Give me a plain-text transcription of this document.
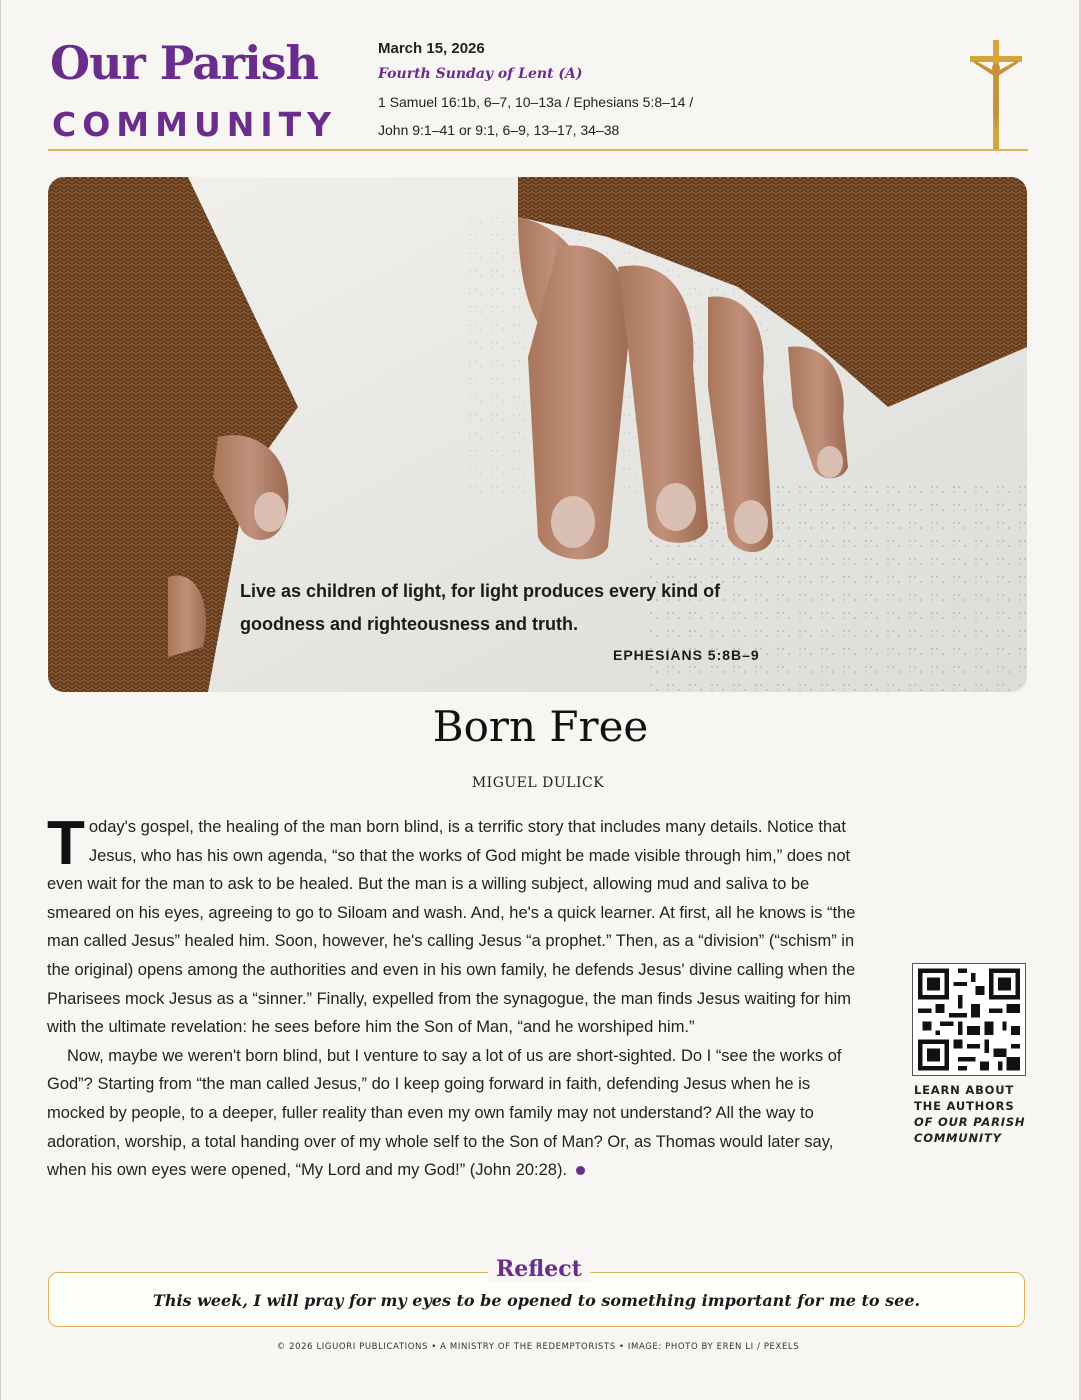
Our Parish
COMMUNITY
March 15, 2026
Fourth Sunday of Lent (A)
1 Samuel 16:1b, 6–7, 10–13a / Ephesians 5:8–14 /
John 9:1–41 or 9:1, 6–9, 13–17, 34–38
Live as children of light, for light produces every kind of goodness and righteousness and truth.
EPHESIANS 5:8B–9
Born Free
MIGUEL DULICK

Today's gospel, the healing of the man born blind, is a terrific story that includes many details. Notice that Jesus, who has his own agenda, “so that the works of God might be made visible through him,” does not even wait for the man to ask to be healed. But the man is a willing subject, allowing mud and saliva to be smeared on his eyes, agreeing to go to Siloam and wash. And, he's a quick learner. At first, all he knows is “the man called Jesus” healed him. Soon, however, he's calling Jesus “a prophet.” Then, as a “division” (“schism” in the original) opens among the authorities and even in his own family, he defends Jesus' divine calling when the Pharisees mock Jesus as a “sinner.” Finally, expelled from the synagogue, the man finds Jesus waiting for him with the ultimate revelation: he sees before him the Son of Man, “and he worshiped him.”

Now, maybe we weren't born blind, but I venture to say a lot of us are short-sighted. Do I “see the works of God”? Starting from “the man called Jesus,” do I keep going forward in faith, defending Jesus when he is mocked by people, to a deeper, fuller reality than even my own family may not understand? All the way to adoration, worship, a total handing over of my whole self to the Son of Man? Or, as Thomas would later say, when his own eyes were opened, “My Lord and my God!” (John 20:28).

LEARN ABOUT
THE AUTHORS
OF OUR PARISH
COMMUNITY
Reflect
This week, I will pray for my eyes to be opened to something important for me to see.
© 2026 LIGUORI PUBLICATIONS • A MINISTRY OF THE REDEMPTORISTS • IMAGE: PHOTO BY EREN LI / PEXELS
